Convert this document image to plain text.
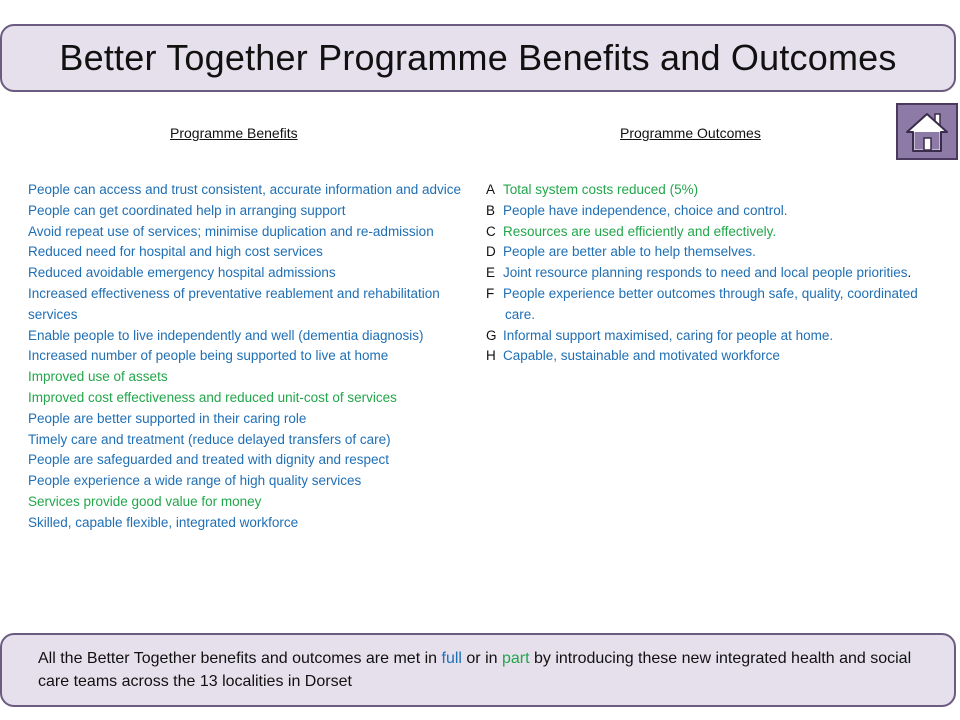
Better Together Programme Benefits and Outcomes
Programme Benefits	Programme Outcomes
People can access and trust consistent, accurate information and advice
People can get coordinated help in arranging support
Avoid repeat use of services; minimise duplication and re-admission
Reduced need for hospital and high cost services
Reduced avoidable emergency hospital admissions
Increased effectiveness of preventative reablement and rehabilitation services
Enable people to live independently and well (dementia diagnosis)
Increased number of people being supported to live at home
Improved use of assets
Improved cost effectiveness and reduced unit-cost of services
People are better supported in their caring role
Timely care and treatment (reduce delayed transfers of care)
People are safeguarded and treated with dignity and respect
People experience a wide range of high quality services
Services provide good value for money
Skilled, capable flexible, integrated workforce
A Total system costs reduced (5%)
B People have independence, choice and control.
C Resources are used efficiently and effectively.
D People are better able to help themselves.
E Joint resource planning responds to need and local people priorities.
F People experience better outcomes through safe, quality, coordinated care.
G Informal support maximised, caring for people at home.
H Capable, sustainable and motivated workforce
All the Better Together benefits and outcomes are met in full or in part by introducing these new integrated health and social care teams across the 13 localities in Dorset
